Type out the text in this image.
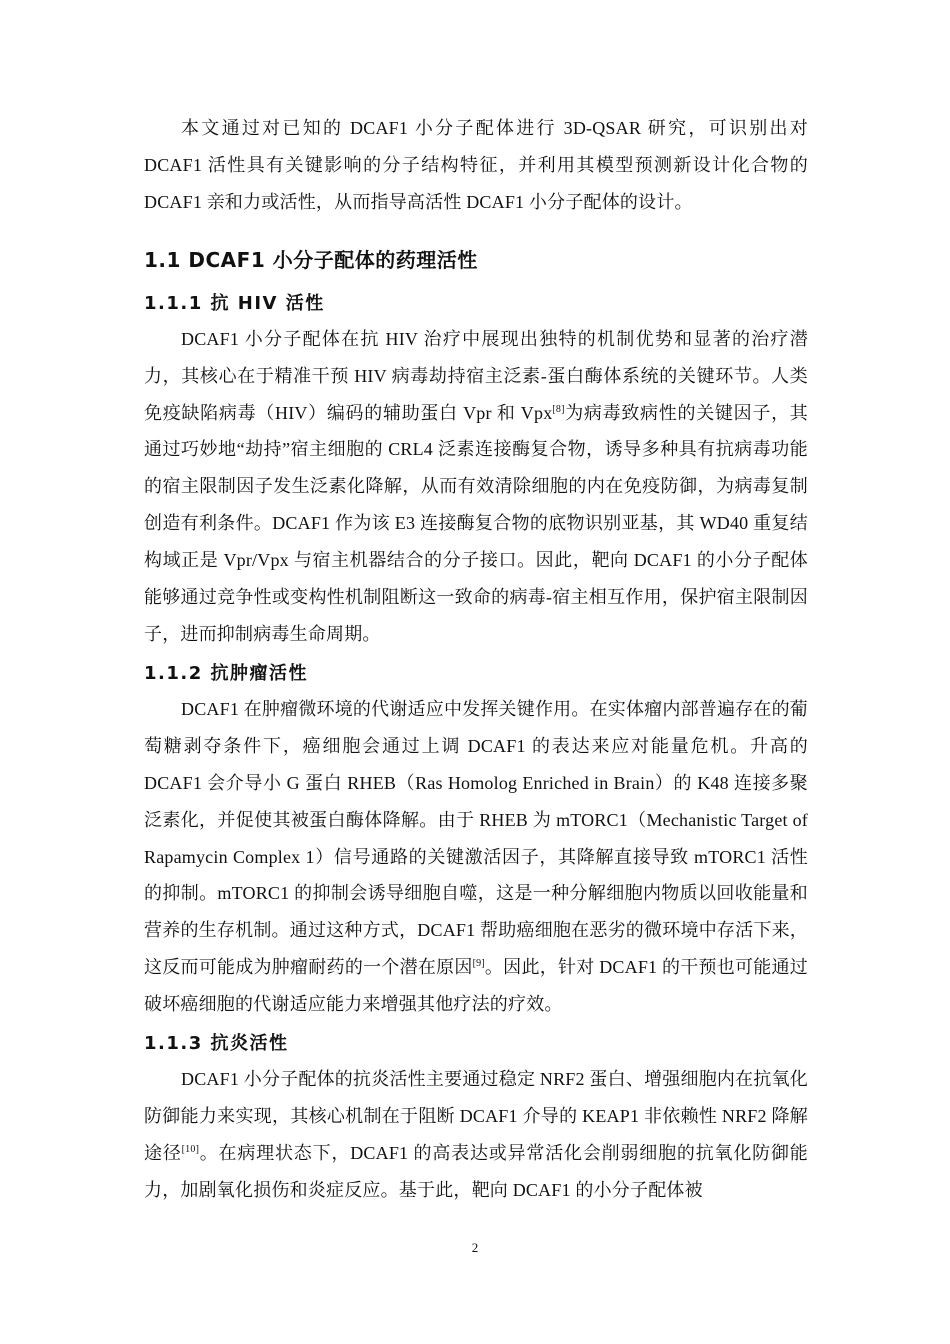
本文通过对已知的 DCAF1 小分子配体进行 3D-QSAR 研究，可识别出对 DCAF1 活性具有关键影响的分子结构特征，并利用其模型预测新设计化合物的 DCAF1 亲和力或活性，从而指导高活性 DCAF1 小分子配体的设计。

1.1 DCAF1 小分子配体的药理活性
1.1.1 抗 HIV 活性

DCAF1 小分子配体在抗 HIV 治疗中展现出独特的机制优势和显著的治疗潜力，其核心在于精准干预 HIV 病毒劫持宿主泛素-蛋白酶体系统的关键环节。人类免疫缺陷病毒（HIV）编码的辅助蛋白 Vpr 和 Vpx[8]为病毒致病性的关键因子，其通过巧妙地“劫持”宿主细胞的 CRL4 泛素连接酶复合物，诱导多种具有抗病毒功能的宿主限制因子发生泛素化降解，从而有效清除细胞的内在免疫防御，为病毒复制创造有利条件。DCAF1 作为该 E3 连接酶复合物的底物识别亚基，其 WD40 重复结构域正是 Vpr/Vpx 与宿主机器结合的分子接口。因此，靶向 DCAF1 的小分子配体能够通过竞争性或变构性机制阻断这一致命的病毒-宿主相互作用，保护宿主限制因子，进而抑制病毒生命周期。

1.1.2 抗肿瘤活性

DCAF1 在肿瘤微环境的代谢适应中发挥关键作用。在实体瘤内部普遍存在的葡萄糖剥夺条件下，癌细胞会通过上调 DCAF1 的表达来应对能量危机。升高的 DCAF1 会介导小 G 蛋白 RHEB（Ras Homolog Enriched in Brain）的 K48 连接多聚泛素化，并促使其被蛋白酶体降解。由于 RHEB 为 mTORC1（Mechanistic Target of Rapamycin Complex 1）信号通路的关键激活因子，其降解直接导致 mTORC1 活性的抑制。mTORC1 的抑制会诱导细胞自噬，这是一种分解细胞内物质以回收能量和营养的生存机制。通过这种方式，DCAF1 帮助癌细胞在恶劣的微环境中存活下来，这反而可能成为肿瘤耐药的一个潜在原因[9]。因此，针对 DCAF1 的干预也可能通过破坏癌细胞的代谢适应能力来增强其他疗法的疗效。

1.1.3 抗炎活性

DCAF1 小分子配体的抗炎活性主要通过稳定 NRF2 蛋白、增强细胞内在抗氧化防御能力来实现，其核心机制在于阻断 DCAF1 介导的 KEAP1 非依赖性 NRF2 降解途径[10]。在病理状态下，DCAF1 的高表达或异常活化会削弱细胞的抗氧化防御能力，加剧氧化损伤和炎症反应。基于此，靶向 DCAF1 的小分子配体被

2
